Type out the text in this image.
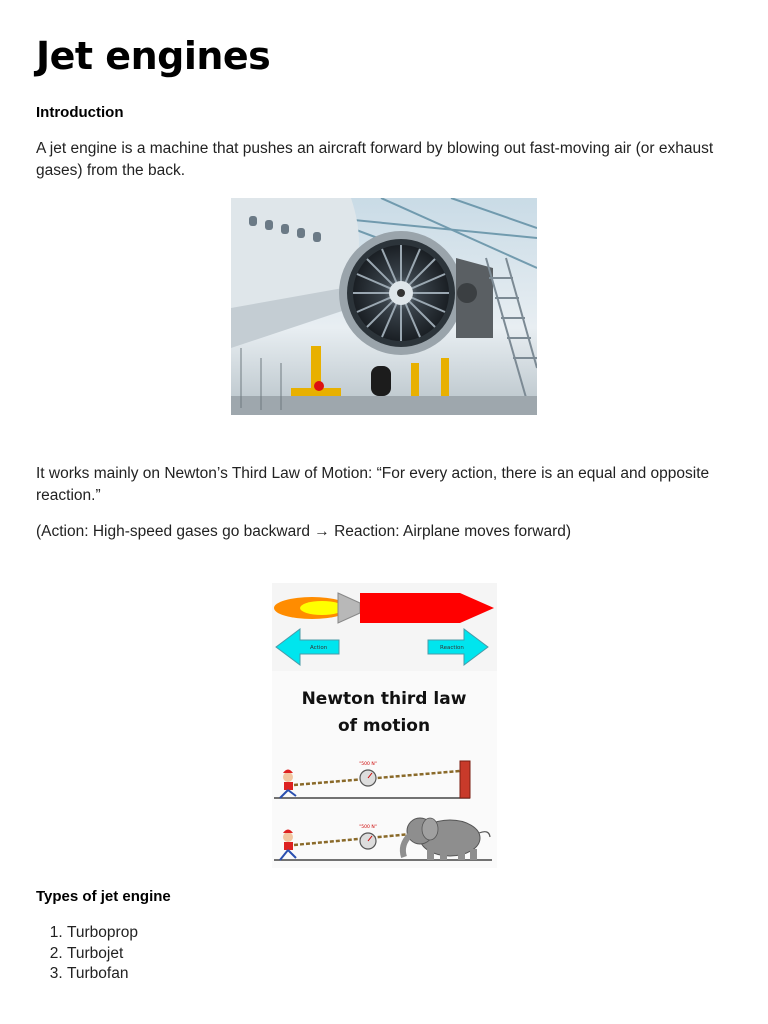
Jet engines

Introduction

A jet engine is a machine that pushes an aircraft forward by blowing out fast-moving air (or exhaust gases) from the back.

It works mainly on Newton’s Third Law of Motion: “For every action, there is an equal and opposite reaction.”

(Action: High-speed gases go backward → Reaction: Airplane moves forward)

Action	Reaction
Newton third law
of motion
"500 N"
"500 N"

Types of jet engine

1. Turboprop
2. Turbojet
3. Turbofan
